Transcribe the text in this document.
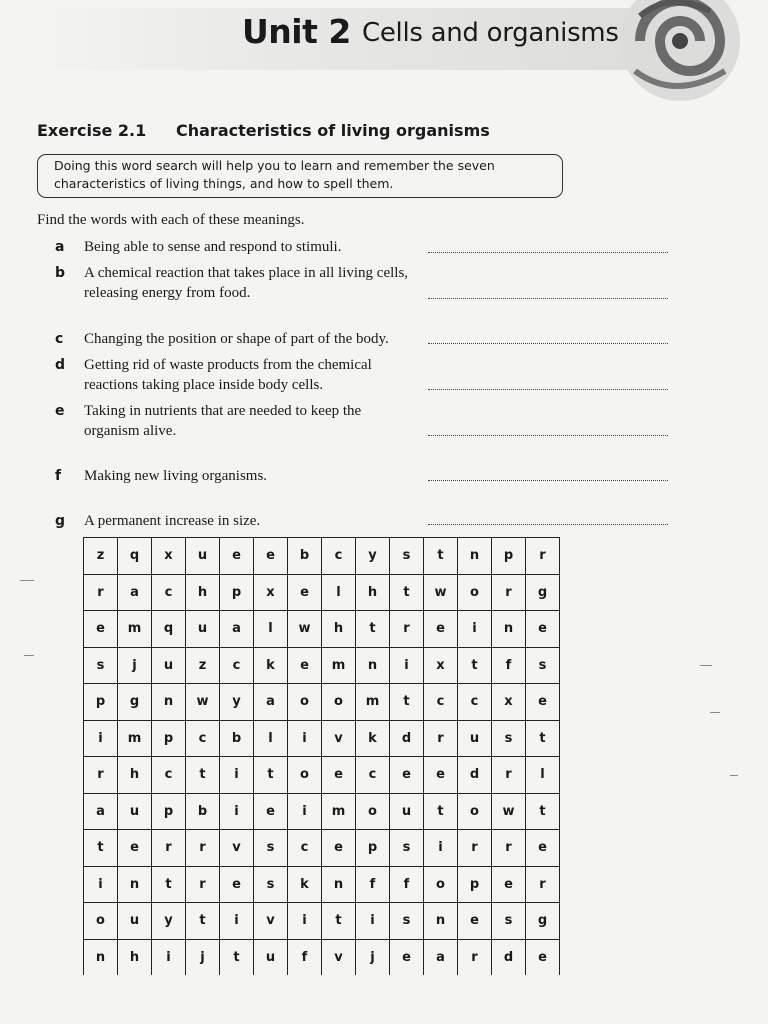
Unit 2 Cells and organisms
Exercise 2.1 Characteristics of living organisms
Doing this word search will help you to learn and remember the seven
characteristics of living things, and how to spell them.
Find the words with each of these meanings.
a Being able to sense and respond to stimuli.
b A chemical reaction that takes place in all living cells,
releasing energy from food.
c Changing the position or shape of part of the body.
d Getting rid of waste products from the chemical
reactions taking place inside body cells.
e Taking in nutrients that are needed to keep the
organism alive.
f Making new living organisms.
g A permanent increase in size.
z	q	x	u	e	e	b	c	y	s	t	n	p	r
r	a	c	h	p	x	e	l	h	t	w	o	r	g
e	m	q	u	a	l	w	h	t	r	e	i	n	e
s	j	u	z	c	k	e	m	n	i	x	t	f	s
p	g	n	w	y	a	o	o	m	t	c	c	x	e
i	m	p	c	b	l	i	v	k	d	r	u	s	t
r	h	c	t	i	t	o	e	c	e	e	d	r	l
a	u	p	b	i	e	i	m	o	u	t	o	w	t
t	e	r	r	v	s	c	e	p	s	i	r	r	e
i	n	t	r	e	s	k	n	f	f	o	p	e	r
o	u	y	t	i	v	i	t	i	s	n	e	s	g
n	h	i	j	t	u	f	v	j	e	a	r	d	e
